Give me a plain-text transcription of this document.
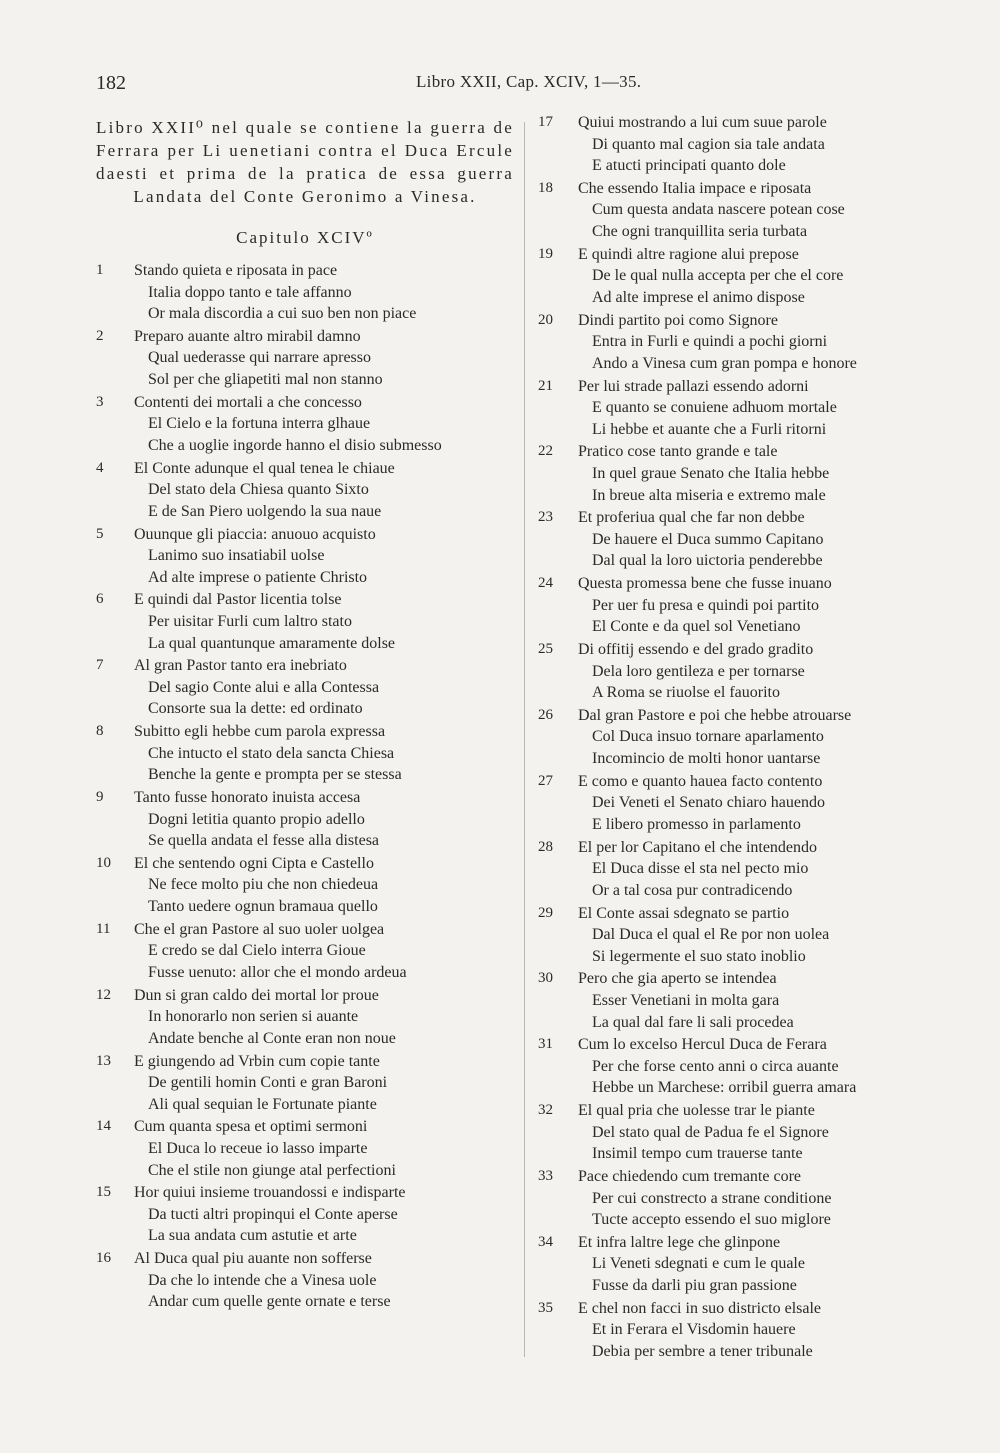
182	Libro XXII, Cap. XCIV, 1—35.

Libro XXII⁰ nel quale se contiene la guerra de Ferrara per Li uenetiani contra el Duca Ercule daesti et prima de la pratica de essa guerra Landata del Conte Geronimo a Vinesa.

Capitulo XCIVº
1	Stando quieta e riposata in pace
Italia doppo tanto e tale affanno
Or mala discordia a cui suo ben non piace
2	Preparo auante altro mirabil damno
Qual uederasse qui narrare apresso
Sol per che gliapetiti mal non stanno
3	Contenti dei mortali a che concesso
El Cielo e la fortuna interra glhaue
Che a uoglie ingorde hanno el disio submesso
4	El Conte adunque el qual tenea le chiaue
Del stato dela Chiesa quanto Sixto
E de San Piero uolgendo la sua naue
5	Ouunque gli piaccia: anuouo acquisto
Lanimo suo insatiabil uolse
Ad alte imprese o patiente Christo
6	E quindi dal Pastor licentia tolse
Per uisitar Furli cum laltro stato
La qual quantunque amaramente dolse
7	Al gran Pastor tanto era inebriato
Del sagio Conte alui e alla Contessa
Consorte sua la dette: ed ordinato
8	Subitto egli hebbe cum parola expressa
Che intucto el stato dela sancta Chiesa
Benche la gente e prompta per se stessa
9	Tanto fusse honorato inuista accesa
Dogni letitia quanto propio adello
Se quella andata el fesse alla distesa
10	El che sentendo ogni Cipta e Castello
Ne fece molto piu che non chiedeua
Tanto uedere ognun bramaua quello
11	Che el gran Pastore al suo uoler uolgea
E credo se dal Cielo interra Gioue
Fusse uenuto: allor che el mondo ardeua
12	Dun si gran caldo dei mortal lor proue
In honorarlo non serien si auante
Andate benche al Conte eran non noue
13	E giungendo ad Vrbin cum copie tante
De gentili homin Conti e gran Baroni
Ali qual sequian le Fortunate piante
14	Cum quanta spesa et optimi sermoni
El Duca lo receue io lasso imparte
Che el stile non giunge atal perfectioni
15	Hor quiui insieme trouandossi e indisparte
Da tucti altri propinqui el Conte aperse
La sua andata cum astutie et arte
16	Al Duca qual piu auante non sofferse
Da che lo intende che a Vinesa uole
Andar cum quelle gente ornate e terse
17	Quiui mostrando a lui cum suue parole
Di quanto mal cagion sia tale andata
E atucti principati quanto dole
18	Che essendo Italia impace e riposata
Cum questa andata nascere potean cose
Che ogni tranquillita seria turbata
19	E quindi altre ragione alui prepose
De le qual nulla accepta per che el core
Ad alte imprese el animo dispose
20	Dindi partito poi como Signore
Entra in Furli e quindi a pochi giorni
Ando a Vinesa cum gran pompa e honore
21	Per lui strade pallazi essendo adorni
E quanto se conuiene adhuom mortale
Li hebbe et auante che a Furli ritorni
22	Pratico cose tanto grande e tale
In quel graue Senato che Italia hebbe
In breue alta miseria e extremo male
23	Et proferiua qual che far non debbe
De hauere el Duca summo Capitano
Dal qual la loro uictoria penderebbe
24	Questa promessa bene che fusse inuano
Per uer fu presa e quindi poi partito
El Conte e da quel sol Venetiano
25	Di offitij essendo e del grado gradito
Dela loro gentileza e per tornarse
A Roma se riuolse el fauorito
26	Dal gran Pastore e poi che hebbe atrouarse
Col Duca insuo tornare aparlamento
Incomincio de molti honor uantarse
27	E como e quanto hauea facto contento
Dei Veneti el Senato chiaro hauendo
E libero promesso in parlamento
28	El per lor Capitano el che intendendo
El Duca disse el sta nel pecto mio
Or a tal cosa pur contradicendo
29	El Conte assai sdegnato se partio
Dal Duca el qual el Re por non uolea
Si legermente el suo stato inoblio
30	Pero che gia aperto se intendea
Esser Venetiani in molta gara
La qual dal fare li sali procedea
31	Cum lo excelso Hercul Duca de Ferara
Per che forse cento anni o circa auante
Hebbe un Marchese: orribil guerra amara
32	El qual pria che uolesse trar le piante
Del stato qual de Padua fe el Signore
Insimil tempo cum trauerse tante
33	Pace chiedendo cum tremante core
Per cui constrecto a strane conditione
Tucte accepto essendo el suo miglore
34	Et infra laltre lege che glinpone
Li Veneti sdegnati e cum le quale
Fusse da darli piu gran passione
35	E chel non facci in suo districto elsale
Et in Ferara el Visdomin hauere
Debia per sembre a tener tribunale
